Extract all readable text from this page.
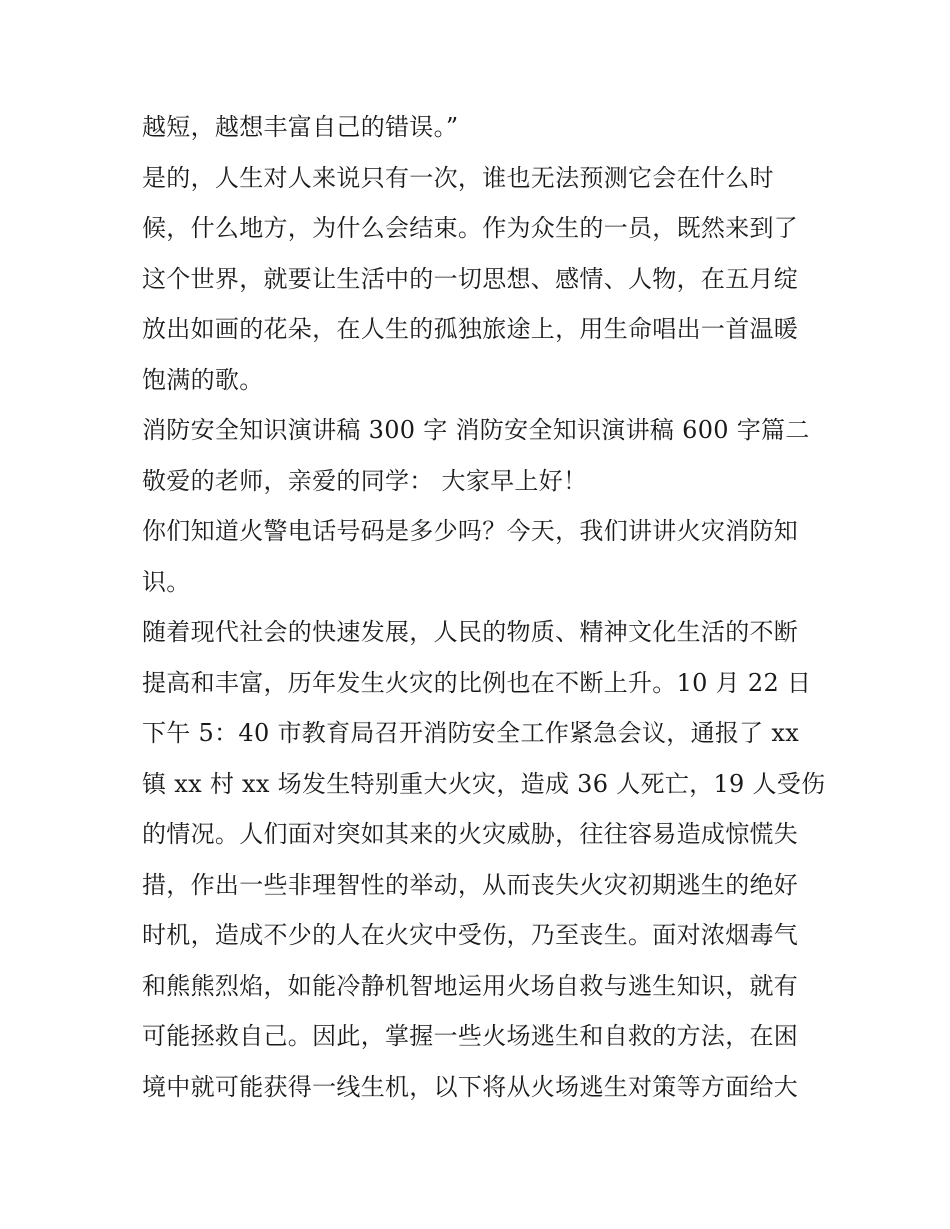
越短，越想丰富自己的错误。”
是的，人生对人来说只有一次，谁也无法预测它会在什么时
候，什么地方，为什么会结束。作为众生的一员，既然来到了
这个世界，就要让生活中的一切思想、感情、人物，在五月绽
放出如画的花朵，在人生的孤独旅途上，用生命唱出一首温暖
饱满的歌。
消防安全知识演讲稿 300 字 消防安全知识演讲稿 600 字篇二
敬爱的老师，亲爱的同学： 大家早上好！
你们知道火警电话号码是多少吗？今天，我们讲讲火灾消防知
识。
随着现代社会的快速发展，人民的物质、精神文化生活的不断
提高和丰富，历年发生火灾的比例也在不断上升。10 月 22 日
下午 5：40 市教育局召开消防安全工作紧急会议，通报了 xx
镇 xx 村 xx 场发生特别重大火灾，造成 36 人死亡，19 人受伤
的情况。人们面对突如其来的火灾威胁，往往容易造成惊慌失
措，作出一些非理智性的举动，从而丧失火灾初期逃生的绝好
时机，造成不少的人在火灾中受伤，乃至丧生。面对浓烟毒气
和熊熊烈焰，如能冷静机智地运用火场自救与逃生知识，就有
可能拯救自己。因此，掌握一些火场逃生和自救的方法，在困
境中就可能获得一线生机，以下将从火场逃生对策等方面给大
